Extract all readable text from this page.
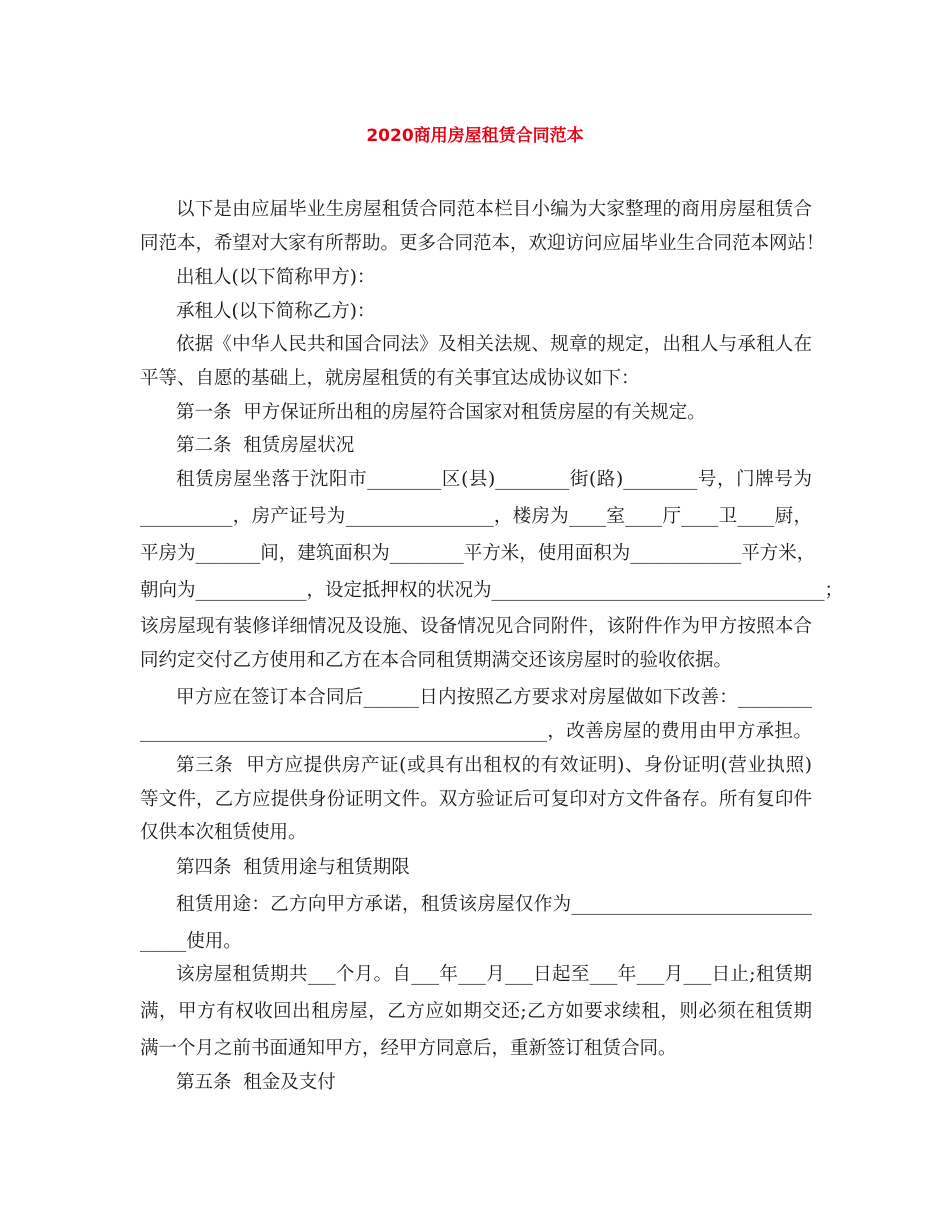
2020商用房屋租赁合同范本
以下是由应届毕业生房屋租赁合同范本栏目小编为大家整理的商用房屋租赁合
同范本，希望对大家有所帮助。更多合同范本，欢迎访问应届毕业生合同范本网站！
出租人(以下简称甲方)：
承租人(以下简称乙方)：
依据《中华人民共和国合同法》及相关法规、规章的规定，出租人与承租人在
平等、自愿的基础上，就房屋租赁的有关事宜达成协议如下：
第一条  甲方保证所出租的房屋符合国家对租赁房屋的有关规定。
第二条  租赁房屋状况
租赁房屋坐落于沈阳市________区(县)________街(路)________号，门牌号为
__________，房产证号为________________，楼房为____室____厅____卫____厨，
平房为_______间，建筑面积为________平方米，使用面积为____________平方米，
朝向为____________，设定抵押权的状况为____________________________________；
该房屋现有装修详细情况及设施、设备情况见合同附件，该附件作为甲方按照本合
同约定交付乙方使用和乙方在本合同租赁期满交还该房屋时的验收依据。
甲方应在签订本合同后______日内按照乙方要求对房屋做如下改善：________
____________________________________________，改善房屋的费用由甲方承担。
第三条  甲方应提供房产证(或具有出租权的有效证明)、身份证明(营业执照)
等文件，乙方应提供身份证明文件。双方验证后可复印对方文件备存。所有复印件
仅供本次租赁使用。
第四条  租赁用途与租赁期限
租赁用途：乙方向甲方承诺，租赁该房屋仅作为__________________________
_____使用。
该房屋租赁期共___个月。自___年___月___日起至___年___月___日止;租赁期
满，甲方有权收回出租房屋，乙方应如期交还;乙方如要求续租，则必须在租赁期
满一个月之前书面通知甲方，经甲方同意后，重新签订租赁合同。
第五条  租金及支付
